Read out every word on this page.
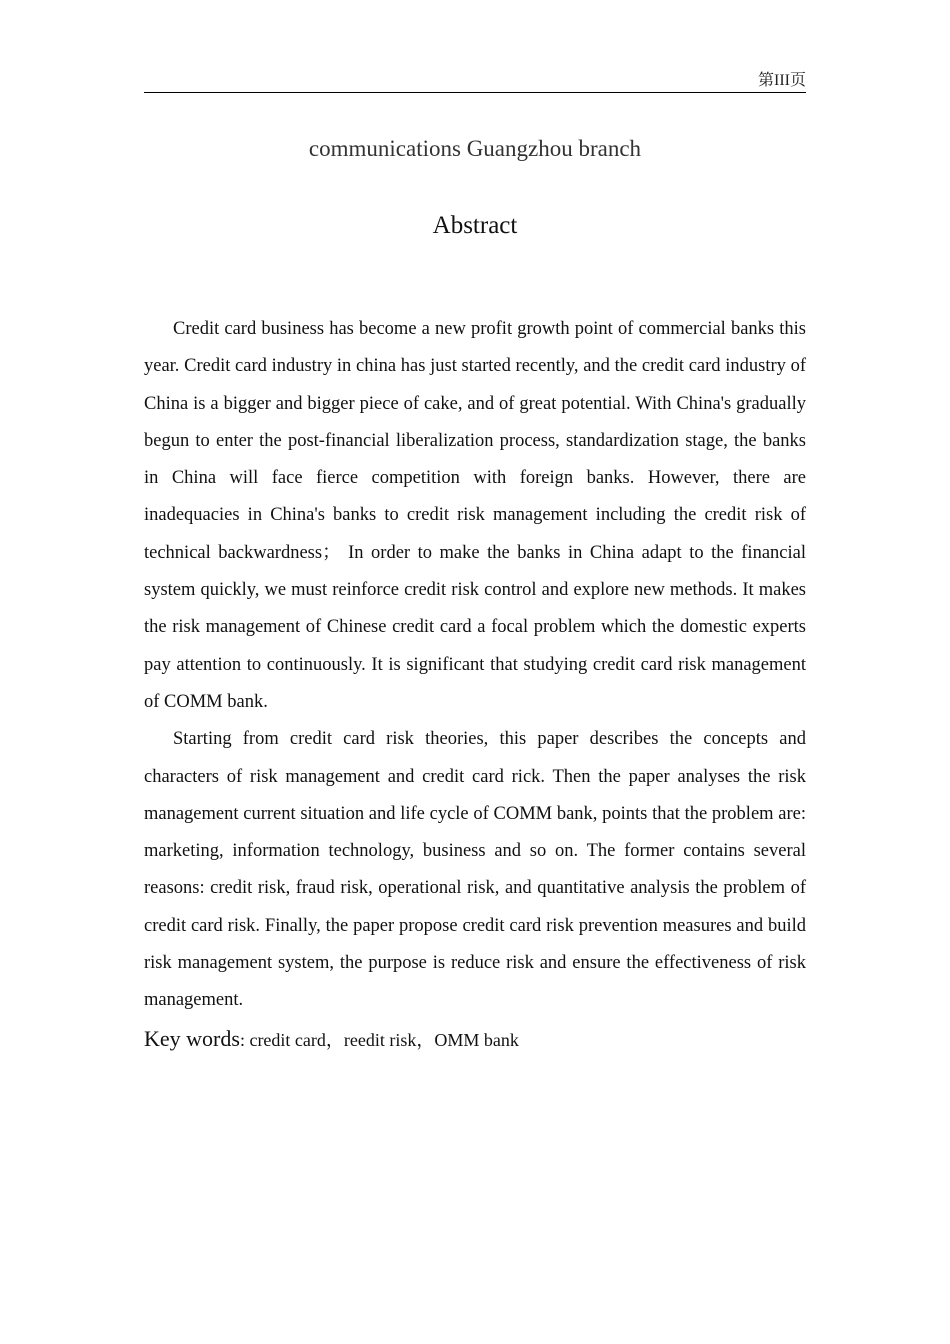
第III页
communications Guangzhou branch
Abstract

Credit card business has become a new profit growth point of commercial banks this year. Credit card industry in china has just started recently, and the credit card industry of China is a bigger and bigger piece of cake, and of great potential. With China's gradually begun to enter the post-financial liberalization process, standardization stage, the banks in China will face fierce competition with foreign banks. However, there are inadequacies in China's banks to credit risk management including the credit risk of technical backwardness； In order to make the banks in China adapt to the financial system quickly, we must reinforce credit risk control and explore new methods. It makes the risk management of Chinese credit card a focal problem which the domestic experts pay attention to continuously. It is significant that studying credit card risk management of COMM bank.

Starting from credit card risk theories, this paper describes the concepts and characters of risk management and credit card rick. Then the paper analyses the risk management current situation and life cycle of COMM bank, points that the problem are: marketing, information technology, business and so on. The former contains several reasons: credit risk, fraud risk, operational risk, and quantitative analysis the problem of credit card risk. Finally, the paper propose credit card risk prevention measures and build risk management system, the purpose is reduce risk and ensure the effectiveness of risk management.

Key words: credit card，reedit risk，OMM bank
